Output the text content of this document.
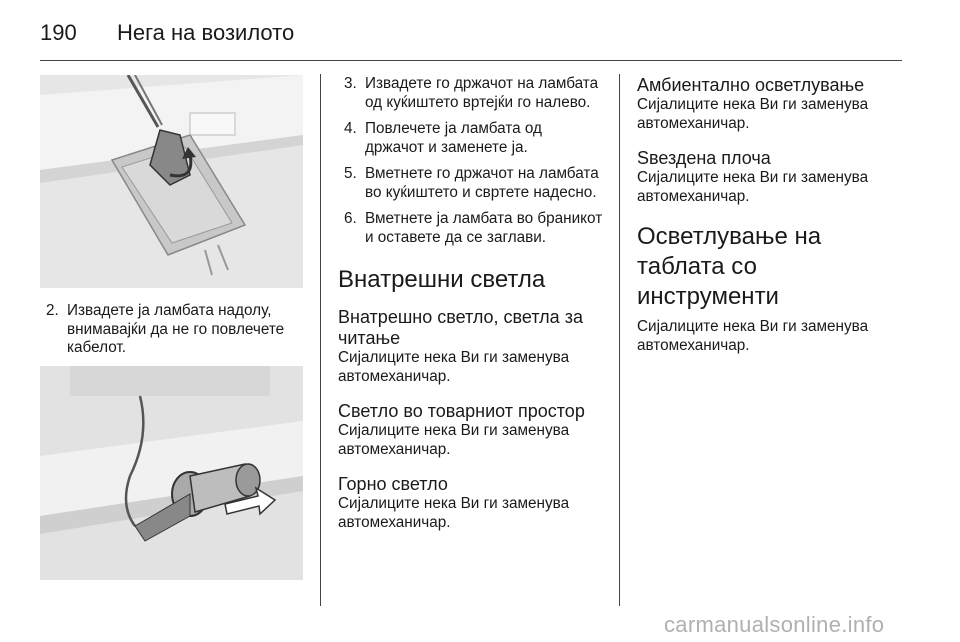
190 Нега на возилото
2. Извадете ја ламбата надолу, внимавајќи да не го повлечете кабелот.
3. Извадете го држачот на ламбата од куќиштето вртејќи го налево.
4. Повлечете ја ламбата од држачот и заменете ја.
5. Вметнете го држачот на ламбата во куќиштето и свртете надесно.
6. Вметнете ја ламбата во браникот и оставете да се заглави.
Внатрешни светла
Внатрешно светло, светла за читање

Сијалиците нека Ви ги заменува автомеханичар.

Светло во товарниот простор

Сијалиците нека Ви ги заменува автомеханичар.

Горно светло

Сијалиците нека Ви ги заменува автомеханичар.

Амбиентално осветлување

Сијалиците нека Ви ги заменува автомеханичар.

Ѕвездена плоча

Сијалиците нека Ви ги заменува автомеханичар.

Осветлување на таблата со инструменти

Сијалиците нека Ви ги заменува автомеханичар.

carmanualsonline.info
